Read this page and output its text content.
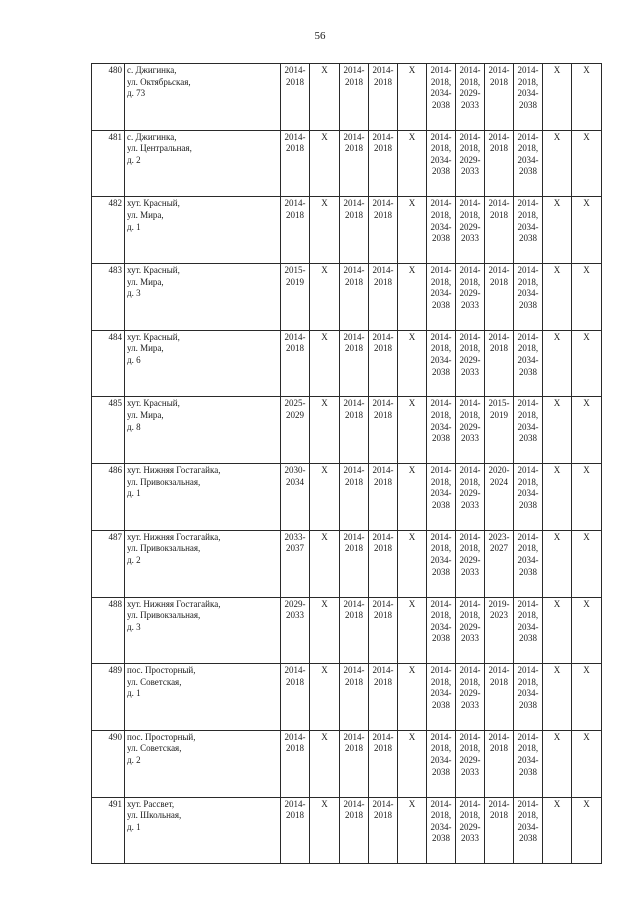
56
480	с. Джигинка,
ул. Октябрьская,
д. 73	2014-
2018	X	2014-
2018	2014-
2018	X	2014-
2018,
2034-
2038	2014-
2018,
2029-
2033	2014-
2018	2014-
2018,
2034-
2038	X	X
481	с. Джигинка,
ул. Центральная,
д. 2	2014-
2018	X	2014-
2018	2014-
2018	X	2014-
2018,
2034-
2038	2014-
2018,
2029-
2033	2014-
2018	2014-
2018,
2034-
2038	X	X
482	хут. Красный,
ул. Мира,
д. 1	2014-
2018	X	2014-
2018	2014-
2018	X	2014-
2018,
2034-
2038	2014-
2018,
2029-
2033	2014-
2018	2014-
2018,
2034-
2038	X	X
483	хут. Красный,
ул. Мира,
д. 3	2015-
2019	X	2014-
2018	2014-
2018	X	2014-
2018,
2034-
2038	2014-
2018,
2029-
2033	2014-
2018	2014-
2018,
2034-
2038	X	X
484	хут. Красный,
ул. Мира,
д. 6	2014-
2018	X	2014-
2018	2014-
2018	X	2014-
2018,
2034-
2038	2014-
2018,
2029-
2033	2014-
2018	2014-
2018,
2034-
2038	X	X
485	хут. Красный,
ул. Мира,
д. 8	2025-
2029	X	2014-
2018	2014-
2018	X	2014-
2018,
2034-
2038	2014-
2018,
2029-
2033	2015-
2019	2014-
2018,
2034-
2038	X	X
486	хут. Нижняя Гостагайка,
ул. Привокзальная,
д. 1	2030-
2034	X	2014-
2018	2014-
2018	X	2014-
2018,
2034-
2038	2014-
2018,
2029-
2033	2020-
2024	2014-
2018,
2034-
2038	X	X
487	хут. Нижняя Гостагайка,
ул. Привокзальная,
д. 2	2033-
2037	X	2014-
2018	2014-
2018	X	2014-
2018,
2034-
2038	2014-
2018,
2029-
2033	2023-
2027	2014-
2018,
2034-
2038	X	X
488	хут. Нижняя Гостагайка,
ул. Привокзальная,
д. 3	2029-
2033	X	2014-
2018	2014-
2018	X	2014-
2018,
2034-
2038	2014-
2018,
2029-
2033	2019-
2023	2014-
2018,
2034-
2038	X	X
489	пос. Просторный,
ул. Советская,
д. 1	2014-
2018	X	2014-
2018	2014-
2018	X	2014-
2018,
2034-
2038	2014-
2018,
2029-
2033	2014-
2018	2014-
2018,
2034-
2038	X	X
490	пос. Просторный,
ул. Советская,
д. 2	2014-
2018	X	2014-
2018	2014-
2018	X	2014-
2018,
2034-
2038	2014-
2018,
2029-
2033	2014-
2018	2014-
2018,
2034-
2038	X	X
491	хут. Рассвет,
ул. Школьная,
д. 1	2014-
2018	X	2014-
2018	2014-
2018	X	2014-
2018,
2034-
2038	2014-
2018,
2029-
2033	2014-
2018	2014-
2018,
2034-
2038	X	X
